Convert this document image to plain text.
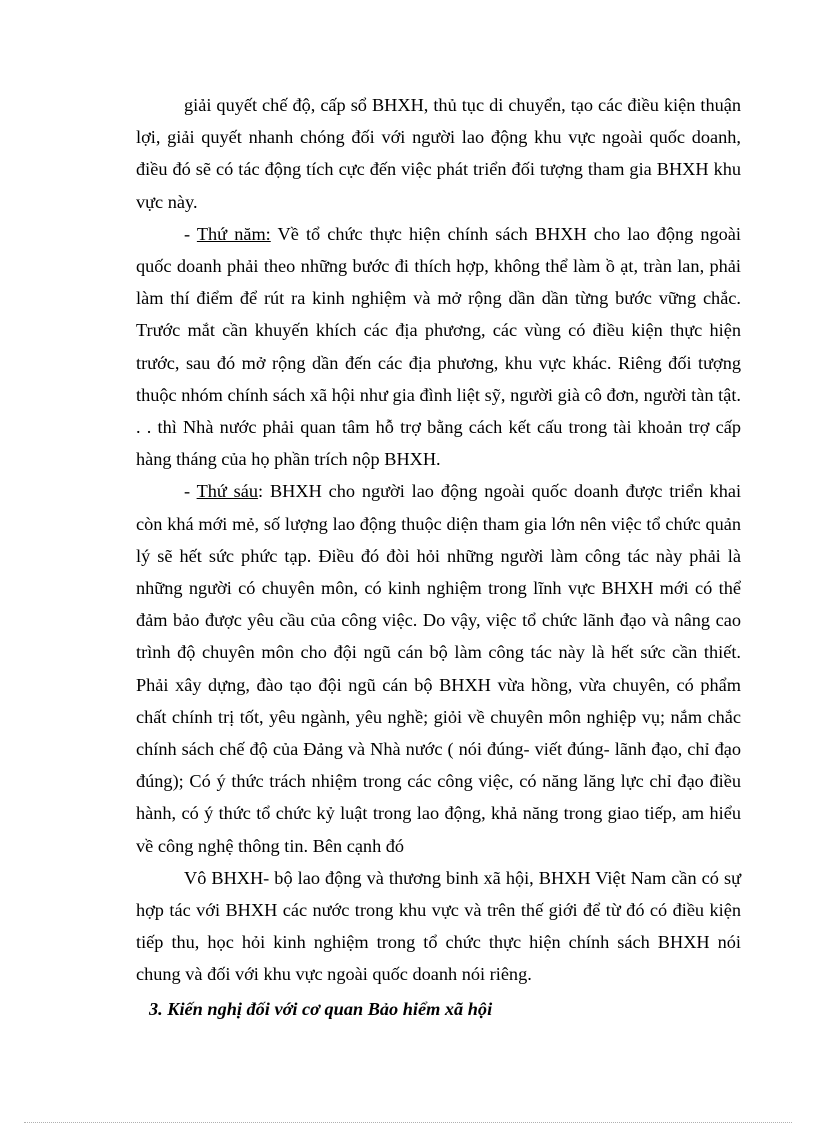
giải quyết chế độ, cấp sổ BHXH, thủ tục di chuyển, tạo các điều kiện thuận lợi, giải quyết nhanh chóng đối với người lao động khu vực ngoài quốc doanh, điều đó sẽ có tác động tích cực đến việc phát triển đối tượng tham gia BHXH khu vực này.

- Thứ năm: Về tổ chức thực hiện chính sách BHXH cho lao động ngoài quốc doanh phải theo những bước đi thích hợp, không thể làm ồ ạt, tràn lan, phải làm thí điểm để rút ra kinh nghiệm và mở rộng dần dần từng bước vững chắc. Trước mắt cần khuyến khích các địa phương, các vùng có điều kiện thực hiện trước, sau đó mở rộng dần đến các địa phương, khu vực khác. Riêng đối tượng thuộc nhóm chính sách xã hội như gia đình liệt sỹ, người già cô đơn, người tàn tật. . . thì Nhà nước phải quan tâm hỗ trợ bằng cách kết cấu trong tài khoản trợ cấp hàng tháng của họ phần trích nộp BHXH.

- Thứ sáu: BHXH cho người lao động ngoài quốc doanh được triển khai còn khá mới mẻ, số lượng lao động thuộc diện tham gia lớn nên việc tổ chức quản lý sẽ hết sức phức tạp. Điều đó đòi hỏi những người làm công tác này phải là những người có chuyên môn, có kinh nghiệm trong lĩnh vực BHXH mới có thể đảm bảo được yêu cầu của công việc. Do vậy, việc tổ chức lãnh đạo và nâng cao trình độ chuyên môn cho đội ngũ cán bộ làm công tác này là hết sức cần thiết. Phải xây dựng, đào tạo đội ngũ cán bộ BHXH vừa hồng, vừa chuyên, có phẩm chất chính trị tốt, yêu ngành, yêu nghề; giỏi về chuyên môn nghiệp vụ; nắm chắc chính sách chế độ của Đảng và Nhà nước ( nói đúng- viết đúng- lãnh đạo, chỉ đạo đúng); Có ý thức trách nhiệm trong các công việc, có năng lăng lực chỉ đạo điều hành, có ý thức tổ chức kỷ luật trong lao động, khả năng trong giao tiếp, am hiểu về công nghệ thông tin. Bên cạnh đó

Vô BHXH- bộ lao động và thương binh xã hội, BHXH Việt Nam cần có sự hợp tác với BHXH các nước trong khu vực và trên thế giới để từ đó có điều kiện tiếp thu, học hỏi kinh nghiệm trong tổ chức thực hiện chính sách BHXH nói chung và đối với khu vực ngoài quốc doanh nói riêng.

3. Kiến nghị đối với cơ quan Bảo hiểm xã hội
